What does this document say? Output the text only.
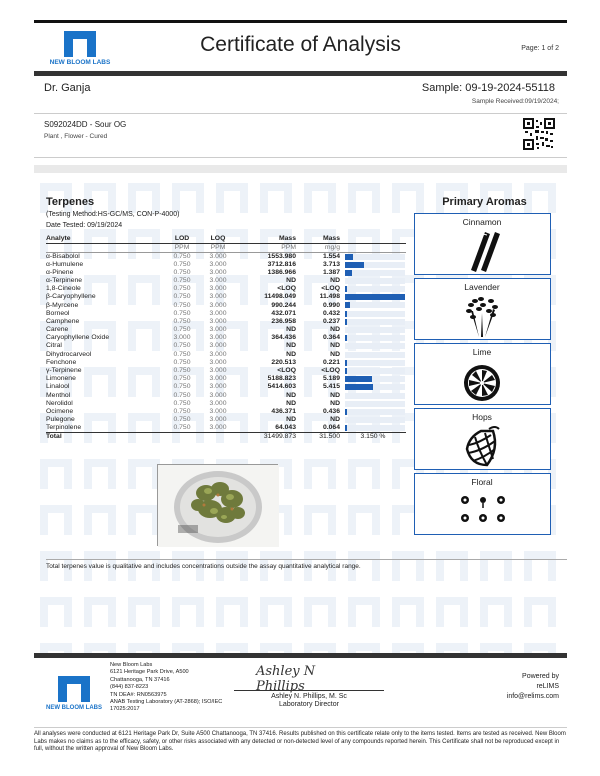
NEW BLOOM LABS
Certificate of Analysis	Page: 1 of 2
Dr. Ganja	Sample: 09-19-2024-55118
Sample Received:09/19/2024;
S092024DD - Sour OG
Plant , Flower - Cured
Terpenes
(Testing Method:HS-GC/MS, CON-P-4000)
Date Tested: 09/19/2024
Analyte	LOD	LOQ	Mass	Mass	
	PPM	PPM	PPM	mg/g	
α-Bisabolol	0.750	3.000	1553.980	1.554	

α-Humulene	0.750	3.000	3712.816	3.713	

α-Pinene	0.750	3.000	1386.966	1.387	

α-Terpinene	0.750	3.000	ND	ND	

1,8-Cineole	0.750	3.000	<LOQ	<LOQ	

β-Caryophyllene	0.750	3.000	11498.049	11.498	

β-Myrcene	0.750	3.000	990.244	0.990	

Borneol	0.750	3.000	432.071	0.432	

Camphene	0.750	3.000	236.958	0.237	

Carene	0.750	3.000	ND	ND	

Caryophyllene Oxide	3.000	3.000	364.436	0.364	

Citral	0.750	3.000	ND	ND	

Dihydrocarveol	0.750	3.000	ND	ND	

Fenchone	0.750	3.000	220.513	0.221	

γ-Terpinene	0.750	3.000	<LOQ	<LOQ	

Limonene	0.750	3.000	5188.823	5.189	

Linalool	0.750	3.000	5414.603	5.415	

Menthol	0.750	3.000	ND	ND	

Nerolidol	0.750	3.000	ND	ND	

Ocimene	0.750	3.000	436.371	0.436	

Pulegone	0.750	3.000	ND	ND	

Terpinolene	0.750	3.000	64.043	0.064	

Total			31499.873	31.500	3.150 %
Primary Aromas
Cinnamon
Lavender
Lime
Hops
Floral
Total terpenes value is qualitative and includes concentrations outside the assay quantitative analytical range.
NEW BLOOM LABS
New Bloom Labs
6121 Heritage Park Drive, A500
Chattanooga, TN 37416
(844) 837-8223
TN DEA#: RN0563975
ANAB Testing Laboratory (AT-2868); ISO/IEC
17025:2017
Ashley N Phillips
Ashley N. Phillips, M. Sc
Laboratory Director
Powered by
reLIMS
info@relims.com
All analyses were conducted at 6121 Heritage Park Dr, Suite A500 Chattanooga, TN 37416. Results published on this certificate relate only to the items tested. Items are tested as received. New Bloom Labs makes no claims as to the efficacy, safety, or other risks associated with any detected or non-detected level of any compounds reported herein. This Certificate shall not be reproduced except in full, without the written approval of New Bloom Labs.
